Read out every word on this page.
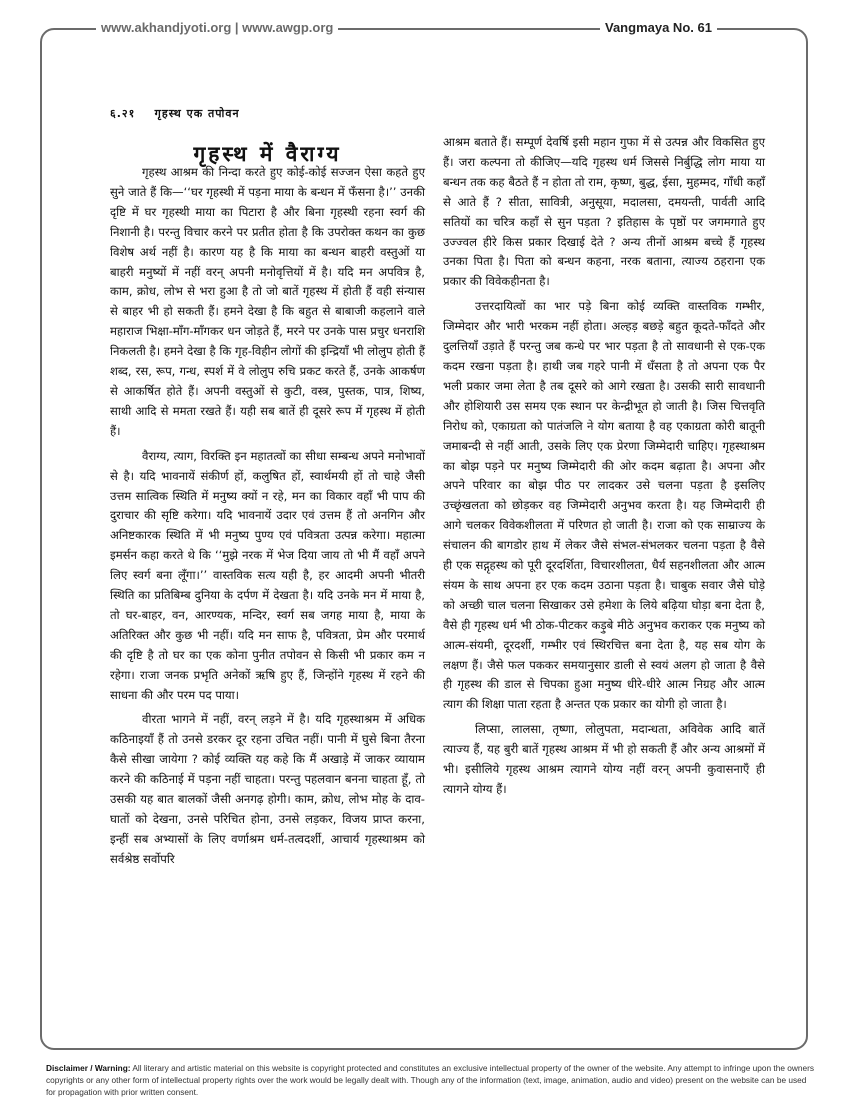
www.akhandjyoti.org | www.awgp.org	Vangmaya No. 61
६.२१ गृहस्थ एक तपोवन
गृहस्थ में वैराग्य

गृहस्थ आश्रम की निन्दा करते हुए कोई-कोई सज्जन ऐसा कहते हुए सुने जाते हैं कि—‘‘घर गृहस्थी में पड़ना माया के बन्धन में फँसना है।’’ उनकी दृष्टि में घर गृहस्थी माया का पिटारा है और बिना गृहस्थी रहना स्वर्ग की निशानी है। परन्तु विचार करने पर प्रतीत होता है कि उपरोक्त कथन का कुछ विशेष अर्थ नहीं है। कारण यह है कि माया का बन्धन बाहरी वस्तुओं या बाहरी मनुष्यों में नहीं वरन् अपनी मनोवृत्तियों में है। यदि मन अपवित्र है, काम, क्रोध, लोभ से भरा हुआ है तो जो बातें गृहस्थ में होती हैं वही संन्यास से बाहर भी हो सकती हैं। हमने देखा है कि बहुत से बाबाजी कहलाने वाले महाराज भिक्षा-माँग-माँगकर धन जोड़ते हैं, मरने पर उनके पास प्रचुर धनराशि निकलती है। हमने देखा है कि गृह-विहीन लोगों की इन्द्रियाँ भी लोलुप होती हैं शब्द, रस, रूप, गन्ध, स्पर्श में वे लोलुप रुचि प्रकट करते हैं, उनके आकर्षण से आकर्षित होते हैं। अपनी वस्तुओं से कुटी, वस्त्र, पुस्तक, पात्र, शिष्य, साथी आदि से ममता रखते हैं। यही सब बातें ही दूसरे रूप में गृहस्थ में होती हैं।

वैराग्य, त्याग, विरक्ति इन महातत्वों का सीधा सम्बन्ध अपने मनोभावों से है। यदि भावनायें संकीर्ण हों, कलुषित हों, स्वार्थमयी हों तो चाहे जैसी उत्तम सात्विक स्थिति में मनुष्य क्यों न रहे, मन का विकार वहाँ भी पाप की दुराचार की सृष्टि करेगा। यदि भावनायें उदार एवं उत्तम हैं तो अनगिन और अनिष्टकारक स्थिति में भी मनुष्य पुण्य एवं पवित्रता उत्पन्न करेगा। महात्मा इमर्सन कहा करते थे कि ‘‘मुझे नरक में भेज दिया जाय तो भी मैं वहाँ अपने लिए स्वर्ग बना लूँगा।’’ वास्तविक सत्य यही है, हर आदमी अपनी भीतरी स्थिति का प्रतिबिम्ब दुनिया के दर्पण में देखता है। यदि उनके मन में माया है, तो घर-बाहर, वन, आरण्यक, मन्दिर, स्वर्ग सब जगह माया है, माया के अतिरिक्त और कुछ भी नहीं। यदि मन साफ है, पवित्रता, प्रेम और परमार्थ की दृष्टि है तो घर का एक कोना पुनीत तपोवन से किसी भी प्रकार कम न रहेगा। राजा जनक प्रभृति अनेकों ऋषि हुए हैं, जिन्होंने गृहस्थ में रहने की साधना की और परम पद पाया।

वीरता भागने में नहीं, वरन् लड़ने में है। यदि गृहस्थाश्रम में अधिक कठिनाइयाँ हैं तो उनसे डरकर दूर रहना उचित नहीं। पानी में घुसे बिना तैरना कैसे सीखा जायेगा ? कोई व्यक्ति यह कहे कि मैं अखाड़े में जाकर व्यायाम करने की कठिनाई में पड़ना नहीं चाहता। परन्तु पहलवान बनना चाहता हूँ, तो उसकी यह बात बालकों जैसी अनगढ़ होगी। काम, क्रोध, लोभ मोह के दाव-घातों को देखना, उनसे परिचित होना, उनसे लड़कर, विजय प्राप्त करना, इन्हीं सब अभ्यासों के लिए वर्णाश्रम धर्म-तत्वदर्शी, आचार्य गृहस्थाश्रम को सर्वश्रेष्ठ सर्वोपरि

आश्रम बताते हैं। सम्पूर्ण देवर्षि इसी महान गुफा में से उत्पन्न और विकसित हुए हैं। जरा कल्पना तो कीजिए—यदि गृहस्थ धर्म जिससे निर्बुद्धि लोग माया या बन्धन तक कह बैठते हैं न होता तो राम, कृष्ण, बुद्ध, ईसा, मुहम्मद, गाँधी कहाँ से आते हैं ? सीता, सावित्री, अनुसूया, मदालसा, दमयन्ती, पार्वती आदि सतियों का चरित्र कहाँ से सुन पड़ता ? इतिहास के पृष्ठों पर जगमगाते हुए उज्ज्वल हीरे किस प्रकार दिखाई देते ? अन्य तीनों आश्रम बच्चे हैं गृहस्थ उनका पिता है। पिता को बन्धन कहना, नरक बताना, त्याज्य ठहराना एक प्रकार की विवेकहीनता है।

उत्तरदायित्वों का भार पड़े बिना कोई व्यक्ति वास्तविक गम्भीर, जिम्मेदार और भारी भरकम नहीं होता। अल्हड़ बछड़े बहुत कूदते-फाँदते और दुलत्तियाँ उड़ाते हैं परन्तु जब कन्धे पर भार पड़ता है तो सावधानी से एक-एक कदम रखना पड़ता है। हाथी जब गहरे पानी में धँसता है तो अपना एक पैर भली प्रकार जमा लेता है तब दूसरे को आगे रखता है। उसकी सारी सावधानी और होशियारी उस समय एक स्थान पर केन्द्रीभूत हो जाती है। जिस चित्तवृति निरोध को, एकाग्रता को पातंजलि ने योग बताया है वह एकाग्रता कोरी बातूनी जमाबन्दी से नहीं आती, उसके लिए एक प्रेरणा जिम्मेदारी चाहिए। गृहस्थाश्रम का बोझ पड़ने पर मनुष्य जिम्मेदारी की ओर कदम बढ़ाता है। अपना और अपने परिवार का बोझ पीठ पर लादकर उसे चलना पड़ता है इसलिए उच्छृंखलता को छोड़कर वह जिम्मेदारी अनुभव करता है। यह जिम्मेदारी ही आगे चलकर विवेकशीलता में परिणत हो जाती है। राजा को एक साम्राज्य के संचालन की बागडोर हाथ में लेकर जैसे संभल-संभलकर चलना पड़ता है वैसे ही एक सद्गृहस्थ को पूरी दूरदर्शिता, विचारशीलता, धैर्य सहनशीलता और आत्म संयम के साथ अपना हर एक कदम उठाना पड़ता है। चाबुक सवार जैसे घोड़े को अच्छी चाल चलना सिखाकर उसे हमेशा के लिये बढ़िया घोड़ा बना देता है, वैसे ही गृहस्थ धर्म भी ठोक-पीटकर कड़ुबे मीठे अनुभव कराकर एक मनुष्य को आत्म-संयमी, दूरदर्शी, गम्भीर एवं स्थिरचित्त बना देता है, यह सब योग के लक्षण हैं। जैसे फल पककर समयानुसार डाली से स्वयं अलग हो जाता है वैसे ही गृहस्थ की डाल से चिपका हुआ मनुष्य धीरे-धीरे आत्म निग्रह और आत्म त्याग की शिक्षा पाता रहता है अन्तत एक प्रकार का योगी हो जाता है।

लिप्सा, लालसा, तृष्णा, लोलुपता, मदान्धता, अविवेक आदि बातें त्याज्य हैं, यह बुरी बातें गृहस्थ आश्रम में भी हो सकती हैं और अन्य आश्रमों में भी। इसीलिये गृहस्थ आश्रम त्यागने योग्य नहीं वरन् अपनी कुवासनाएँ ही त्यागने योग्य हैं।

Disclaimer / Warning: All literary and artistic material on this website is copyright protected and constitutes an exclusive intellectual property of the owner of the website. Any attempt to infringe upon the owners copyrights or any other form of intellectual property rights over the work would be legally dealt with. Though any of the information (text, image, animation, audio and video) present on the website can be used for propagation with prior written consent.
